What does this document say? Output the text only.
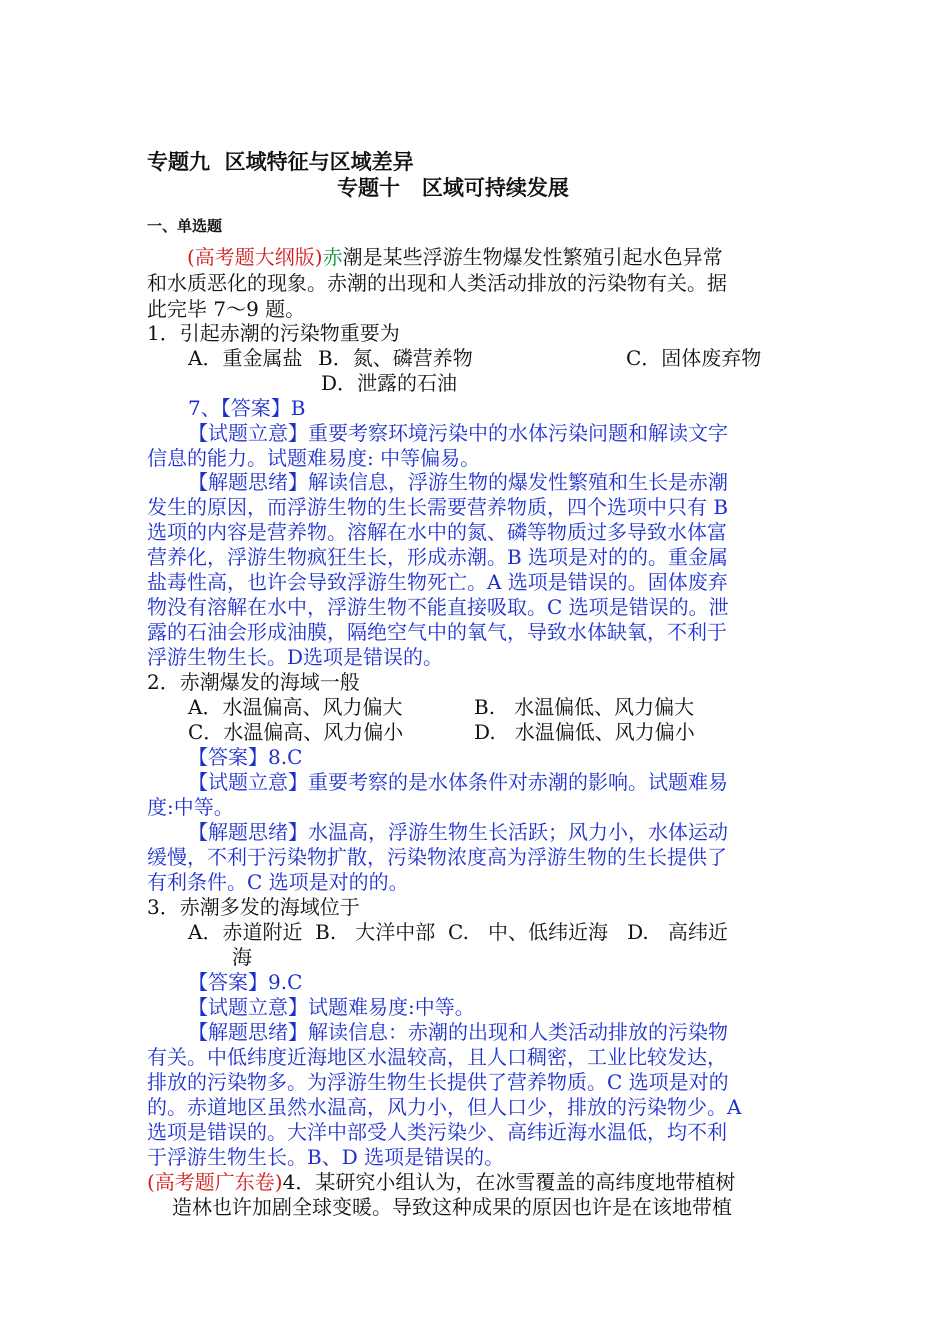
专题九  区域特征与区域差异
专题十   区域可持续发展
一、单选题
(高考题大纲版)赤潮是某些浮游生物爆发性繁殖引起水色异常
和水质恶化的现象。赤潮的出现和人类活动排放的污染物有关。据
此完毕 7～9 题。
1．引起赤潮的污染物重要为
A．重金属盐 B．氮、磷营养物	C．固体废弃物
D．泄露的石油
7、【答案】B
【试题立意】重要考察环境污染中的水体污染问题和解读文字
信息的能力。试题难易度: 中等偏易。
【解题思绪】解读信息，浮游生物的爆发性繁殖和生长是赤潮
发生的原因，而浮游生物的生长需要营养物质，四个选项中只有 B
选项的内容是营养物。溶解在水中的氮、磷等物质过多导致水体富
营养化，浮游生物疯狂生长，形成赤潮。B 选项是对的的。重金属
盐毒性高，也许会导致浮游生物死亡。A 选项是错误的。固体废弃
物没有溶解在水中，浮游生物不能直接吸取。C 选项是错误的。泄
露的石油会形成油膜，隔绝空气中的氧气，导致水体缺氧，不利于
浮游生物生长。D选项是错误的。
2．赤潮爆发的海域一般
A．水温偏高、风力偏大	B.   水温偏低、风力偏大
C．水温偏高、风力偏小	D.   水温偏低、风力偏小
【答案】8.C
【试题立意】重要考察的是水体条件对赤潮的影响。试题难易
度:中等。
【解题思绪】水温高，浮游生物生长活跃；风力小，水体运动
缓慢，不利于污染物扩散，污染物浓度高为浮游生物的生长提供了
有利条件。C 选项是对的的。
3．赤潮多发的海域位于
A．赤道附近  B.   大洋中部  C.   中、低纬近海   D.   高纬近
海
【答案】9.C
【试题立意】试题难易度:中等。
【解题思绪】解读信息：赤潮的出现和人类活动排放的污染物
有关。中低纬度近海地区水温较高，且人口稠密，工业比较发达，
排放的污染物多。为浮游生物生长提供了营养物质。C 选项是对的
的。赤道地区虽然水温高，风力小，但人口少，排放的污染物少。A
选项是错误的。大洋中部受人类污染少、高纬近海水温低，均不利
于浮游生物生长。B、D 选项是错误的。
(高考题广东卷)4．某研究小组认为，在冰雪覆盖的高纬度地带植树
造林也许加剧全球变暖。导致这种成果的原因也许是在该地带植
